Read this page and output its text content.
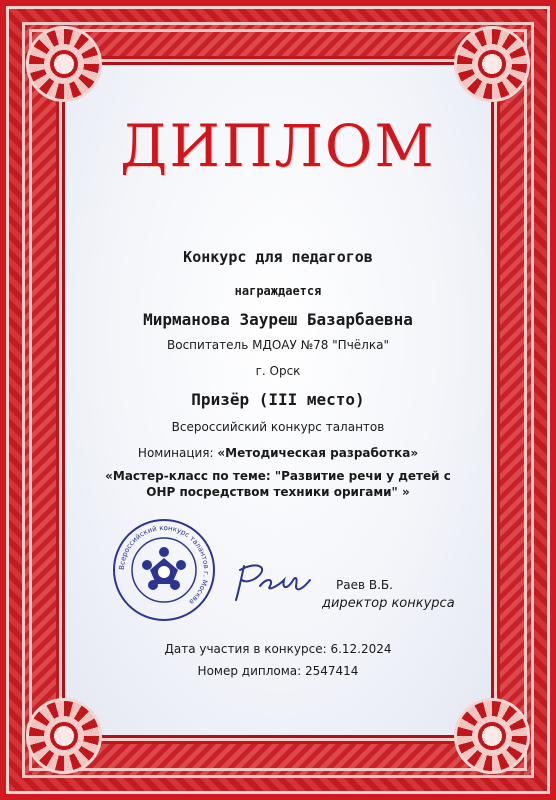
ДИПЛОМ
Конкурс для педагогов
награждается
Мирманова Зауреш Базарбаевна
Воспитатель МДОАУ №78 "Пчёлка"
г. Орск
Призёр (III место)
Всероссийский конкурс талантов
Номинация: «Методическая разработка»
«Мастер-класс по теме: "Развитие речи у детей с ОНР посредством техники оригами" »
Всероссийский конкурс талантов г. Москва
Раев В.Б.
директор конкурса
Дата участия в конкурсе: 6.12.2024
Номер диплома: 2547414
